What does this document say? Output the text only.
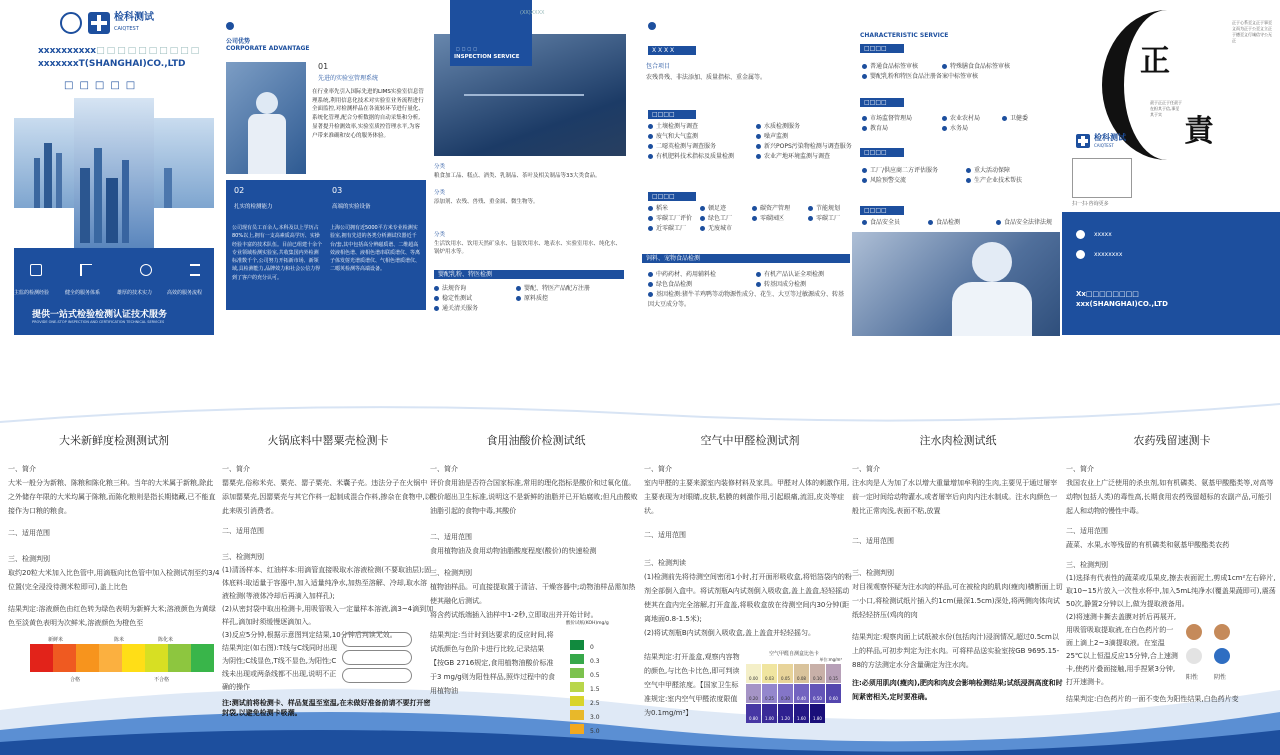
检科测试
CAIQTEST
xxxxxxxxxx□□□□□□□□□□
xxxxxxxT(SHANGHAI)CO.,LTD
□□□□□
主监的检测经验	健全的服务体系	雄厚的技术实力	高效的服务流程
提供一站式检验检测认证技术服务
PROVIDE ONE-STOP INSPECTION AND CERTIFICATION TECHNICAL SERVICES
公司优势
CORPORATE ADVANTAGE
01
先进的实验室管理系统
在行业率先引入国际先进的LIMS实验室信息管理系统,利用信息化技术对实验室业务流程进行全面监控,对检测样品在各流转环节进行量化、系统化管理,配合分析数据的自动采集和分析,显著提升检测效率,实验室质控管理水平,为客户带来准确和安心的服务体验。
02	03
扎实的检测能力	高端的实验设备
公司现有员工百余人,本科及以上学历占80%以上,拥有一支高素质高学历、实操经验丰富的技术队伍。目前已组建十余个专业领域检测实验室,共收集国内外检测标准数千个,公司努力开拓新市场、新领域,具检测能力,品牌效力和社会公信力得到了客户的充分认可。
上海公司拥有近5000平方米专业检测实验室,拥有先进的各类分析测试仪器近千台/套,其中包括高分辨磁质谱、二维超高效液相色谱、液相色谱串联质谱仪、等离子体发射光谱质谱仪、气相色谱质谱仪、二噁英检测等高端设备。
□□□□
INSPECTION SERVICE
分类
粮食加工品、糕点、酒类、乳制品、茶叶及相关制品等33大类食品。
分类
添加剂、农残、兽残、重金属、微生物等。
分类
生活饮用水、饮用天然矿泉水、包装饮用水、地表水、实验室用水、纯化水、锅炉用水等。
婴配乳粉、特医检测
法规咨询	婴配、特医产品配方注册
稳定性测试	原料质控
通关清关服务
(XX)XXXX
X X X X
包合项目
农残兽残、非法添加、质量指标、重金属等。
□□□□
土壤检测与调查	水质检测服务
废气和大气监测	噪声监测
二噁英检测与调查服务	新兴POPS污染物检测与调查服务
有机肥料技术指标及质量检测	农业产地环境监测与调查
□□□□
稻米	顿足迹	碳资产管理	节能规划
零碳工厂评价	绿色工厂	零碳园区	零碳工厂
近零碳工厂	无废城市
饲料、宠物食品检测
中药药材、药用辅料检	有机产品认证全项检测
绿色食品检测	转基因成分检测
基因检测:猪牛羊鸡鸭等动物源性成分、花生、大豆等过敏源成分、转基因大豆成分等。
CHARACTERISTIC SERVICE
□□□□
□□□□
□□□□
□□□□
普通食品标签审核	特殊膳食食品标签审核
婴配乳粉和特医食品注册备案中标签审核
市场监督管理局	农业农村局	卫健委
教育局	水务局
工厂/供应商二方评估服务	重大活动保障
风险预警交流	生产企业技术帮扶
食品安全员	食品检测	食品安全法律法规
正
責
正于心系至义正于事至义而为正于公至义立正于德至义行诚信守公无正
责于正正于任责于在担其于信,事至其于实
检科测试
CAIQTEST
扫一扫·咨询更多
xxxxx
xxxxxxxx
Xx□□□□□□□□
xxx(SHANGHAI)CO.,LTD
大米新鲜度检测测试剂

一、简介

大米一般分为新粮、陈粮和陈化粮三种。当年的大米属于新粮,除此之外储存年限的大米均属于陈粮,而陈化粮则是指长期储藏,已不能直接作为口粮的粮食。

二、适用范围

三、检测判别

取约20粒大米加入比色管中,用滴瓶向比色管中加入检测试剂至约3/4位置(完全浸没待测米粒即可),盖上比色

结果判定:溶液颜色由红色转为绿色表明为新鲜大米;溶液颜色为黄绿色至淡黄色表明为次鲜米,溶液颜色为橙色至

新鲜米	陈米	陈化米
合格	不合格
火锅底料中罂粟壳检测卡

一、简介

罂粟壳,俗称米壳、粟壳、罂子粟壳、米囊子壳。违法分子在火锅中添加罂粟壳,因罂粟壳与其它作料一起制成混合作料,掺杂在食物中,以此来吸引消费者。

二、适用范围

三、检测判别

(1)清汤样本、红油样本:用滴管直接吸取水溶液检测(不要取油层);固体底料:取适量于容器中,加入适量纯净水,加热至溶解、冷却,取水溶液检测(等液体冷却后再滴入加样孔);

(2)从密封袋中取出检测卡,用吸管吸入一定量样本溶液,滴3~4滴到加样孔,滴加时须缓慢逐滴加入。

(3)反应5分钟,根据示意图判定结果,10分钟后判读无效。

结果判定(如右图):T线与C线同时出现为阴性;C线显色,T线不显色,为阳性;C线未出现或两条线都不出现,说明不正确的操作

注:测试前将检测卡、样品复温至室温,在未做好准备前请不要打开密封袋,以避免检测卡吸潮。

食用油酸价检测试纸

一、简介

评价食用油是否符合国家标准,常用的理化指标是酸价和过氧化值。酸价超出卫生标准,说明这不是新鲜的油脂并已开始腐败;但凡由酸败油脂引起的食物中毒,其酸价

二、适用范围

食用植物油及食用动物油脂酸度程度(酸价)的快速检测

三、检测判别

植物油样品。可直接提取置于清洁、干燥容器中;动物油样品需加热使其融化后测试。

将含药试纸端插入油样中1-2秒,立即取出并开始计时。

结果判定:当计时到达要求的反应时间,将试纸颜色与色阶卡进行比较,记录结果【按GB 2716规定,食用植物油酸价标准于3 mg/g则为阳性样品,照炸过程中的食用植物油

酸价试纸(KOH)mg/g
0
0.3
0.5
1.5
2.5
3.0
5.0
空气中甲醛检测试剂

一、简介

室内甲醛的主要来源室内装修材料及家具。甲醛对人体的刺激作用,主要表现为对眼睛,皮肤,粘膜的刺激作用,引起眼痛,流泪,皮炎等症状。

二、适用范围

三、检测判读

(1)检测前先将待测空间密闭1小时,打开面形吸收盒,将铝箔袋内的粉剂全部倒入盒中。将试剂瓶A内试剂倒入吸收盒,盖上盖盒,轻轻摇动使其在盒内完全溶解,打开盒盖,将吸收盒放在待测空间内30分钟(距离地面0.8-1.5米);

(2)将试剂瓶B内试剂倒入吸收盒,盖上盖盒并轻轻摇匀。

结果判定:打开盖盒,观察内容物的颜色,与比色卡比色,即可判读空气中甲醛浓度。【国家卫生标准规定:室内空气甲醛浓度限值为0.1mg/m³】

空气甲醛自测盒比色卡
单位:mg/m³
0.00	0.03	0.05	0.08	0.10	0.15
0.20	0.25	0.30	0.40	0.50	0.60
0.80	1.00	1.20	1.60	1.80
注水肉检测试纸

一、简介

注水肉是人为加了水以增大重量增加牟利的生肉,主要见于通过屠宰前一定时间给动物灌水,或者屠宰后向肉内注水制成。注水肉颜色一般比正常肉浅,表面不粘,放置

二、适用范围

三、检测判别

对目视观察怀疑为注水肉的样品,可在被检肉的肌肉(瘦肉)横断面上切一小口,将检测试纸片插入约1cm(最深1.5cm)深处,将两侧肉体向试纸轻轻挤压(鸡肉的肉

结果判定:观察肉面上试纸被水份(包括肉汁)浸润情况,超过0.5cm以上的样品,可初步判定为注水肉。可将样品送实验室按GB 9695.15-88的方法测定水分含量确定为注水肉。

注:必须用肌肉(瘦肉),肥肉和肉皮会影响检测结果;试纸浸润高度和时间紧密相关,定时要准确。

农药残留速测卡

一、简介

我国农业上广泛使用的杀虫剂,如有机磷类、氨基甲酸酯类等,对高等动物(包括人类)的毒性高,长期食用农药残留超标的农副产品,可能引起人和动物的慢性中毒。

二、适用范围

蔬菜、水果,水等残留的有机磷类和氨基甲酸酯类农药

三、检测判别

(1)选择有代表性的蔬菜或瓜果皮,擦去表面泥土,剪成1cm²左右碎片,取10~15片放入一次性水杯中,加入5mL纯净水(覆盖果蔬即可),震荡50次,静置2分钟以上,做为提取液备用。

(2)将速测卡撕去盖膜对折后再展开,用吸管吸取提取液,在白色药片的一面上滴上2~3滴提取液。在室温25℃以上恒温反应15分钟,合上速测卡,使药片叠面接触,用手捏紧3分钟,打开速测卡。

结果判定:白色药片的一面不变色为阳性结果,白色药片变

阳性	阴性
